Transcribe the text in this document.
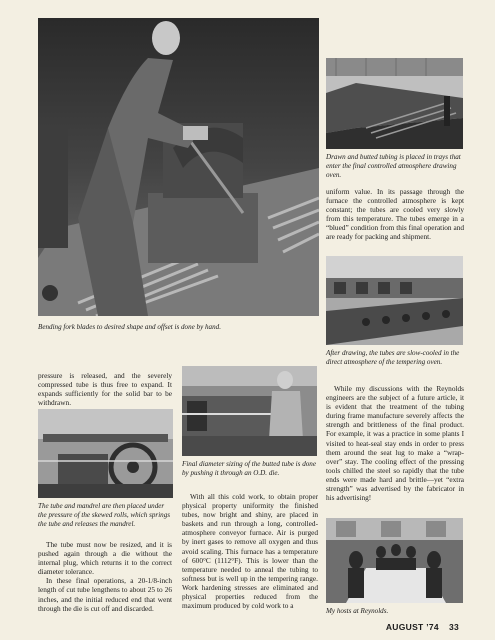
Bending fork blades to desired shape and offset is done by hand.

Drawn and butted tubing is placed in trays that enter the final controlled atmosphere drawing oven.

uniform value. In its passage through the furnace the controlled atmosphere is kept constant; the tubes are cooled very slowly from this temperature. The tubes emerge in a “blued” condition from this final operation and are ready for packing and shipment.

After drawing, the tubes are slow-cooled in the direct atmosphere of the tempering oven.

pressure is released, and the severely compressed tube is thus free to expand. It expands sufficiently for the solid bar to be withdrawn.

The tube and mandrel are then placed under the pressure of the skewed rolls, which springs the tube and releases the mandrel.

The tube must now be resized, and it is pushed again through a die without the internal plug, which returns it to the correct diameter tolerance.

In these final operations, a 20-1/8-inch length of cut tube lengthens to about 25 to 26 inches, and the initial reduced end that went through the die is cut off and discarded.

Final diameter sizing of the butted tube is done by pushing it through an O.D. die.

With all this cold work, to obtain proper physical property uniformity the finished tubes, now bright and shiny, are placed in baskets and run through a long, controlled-atmosphere conveyor furnace. Air is purged by inert gases to remove all oxygen and thus avoid scaling. This furnace has a temperature of 600°C (1112°F). This is lower than the temperature needed to anneal the tubing to softness but is well up in the tempering range. Work hardening stresses are eliminated and physical properties reduced from the maximum produced by cold work to a

While my discussions with the Reynolds engineers are the subject of a future article, it is evident that the treatment of the tubing during frame manufacture severely affects the strength and brittleness of the final product. For example, it was a practice in some plants I visited to heat-seal stay ends in order to press them around the seat lug to make a “wrap-over” stay. The cooling effect of the pressing tools chilled the steel so rapidly that the tube ends were made hard and brittle—yet “extra strength” was advertised by the fabricator in his advertising!

My hosts at Reynolds.

AUGUST ’74 33
